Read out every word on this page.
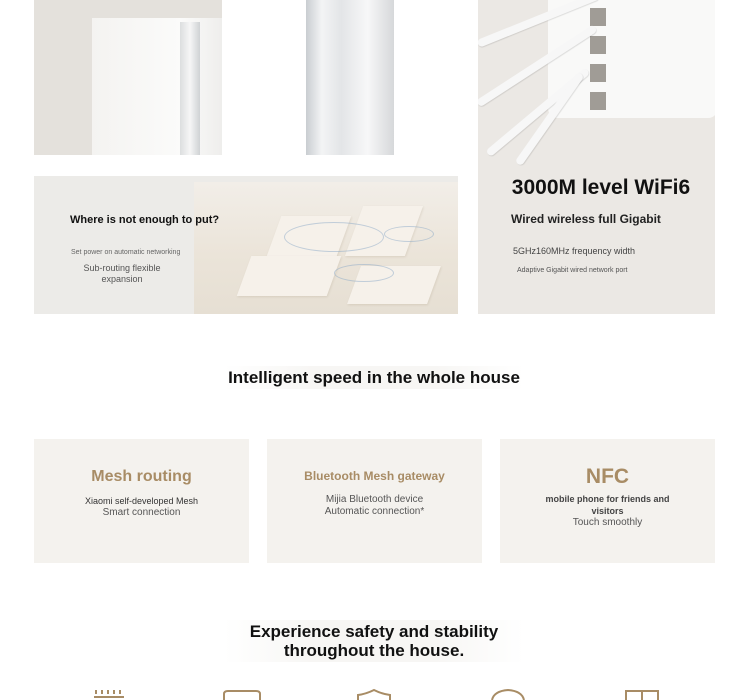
3000M level WiFi6
Wired wireless full Gigabit
5GHz160MHz frequency width
Adaptive Gigabit wired network port
Where is not enough to put?
Set power on automatic networking
Sub-routing flexible expansion
Intelligent speed in the whole house
Mesh routing
Xiaomi self-developed Mesh
Smart connection
Bluetooth Mesh gateway
Mijia Bluetooth device
Automatic connection*
NFC
mobile phone for friends and visitors
Touch smoothly
Experience safety and stability throughout the house.
